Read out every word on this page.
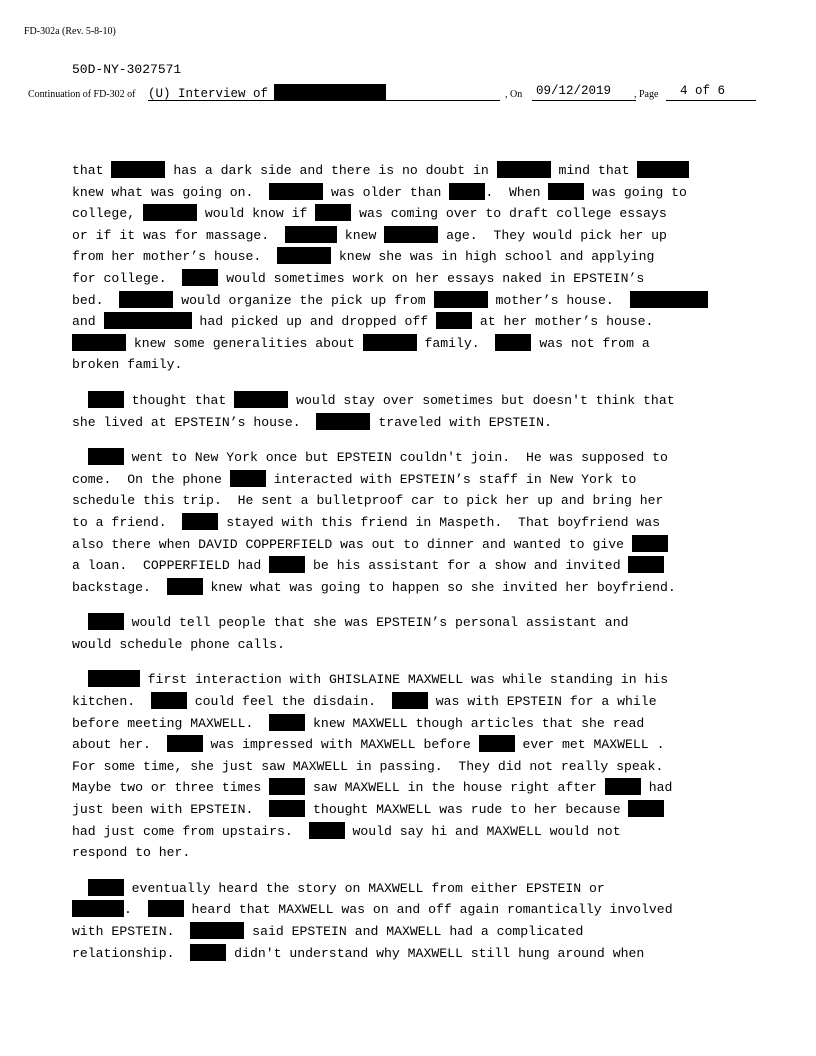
FD-302a (Rev. 5-8-10)
50D-NY-3027571
Continuation of FD-302 of (U) Interview of	, On	09/12/2019	, Page	4 of 6

that	has a dark side and there is no doubt in	mind that
knew what was going on.	was older than	.  When	was going to
college,	would know if	was coming over to draft college essays
or if it was for massage.	knew	age.  They would pick her up
from her mother’s house.	knew she was in high school and applying
for college.	would sometimes work on her essays naked in EPSTEIN’s
bed.	would organize the pick up from	mother’s house.
and	had picked up and dropped off	at her mother’s house.
knew some generalities about	family.	was not from a
broken family.

thought that	would stay over sometimes but doesn't think that
she lived at EPSTEIN’s house.	traveled with EPSTEIN.

went to New York once but EPSTEIN couldn't join.  He was supposed to
come.  On the phone	interacted with EPSTEIN’s staff in New York to
schedule this trip.  He sent a bulletproof car to pick her up and bring her
to a friend.	stayed with this friend in Maspeth.  That boyfriend was
also there when DAVID COPPERFIELD was out to dinner and wanted to give
a loan.  COPPERFIELD had	be his assistant for a show and invited
backstage.	knew what was going to happen so she invited her boyfriend.

would tell people that she was EPSTEIN’s personal assistant and
would schedule phone calls.

first interaction with GHISLAINE MAXWELL was while standing in his
kitchen.	could feel the disdain.	was with EPSTEIN for a while
before meeting MAXWELL.	knew MAXWELL though articles that she read
about her.	was impressed with MAXWELL before	ever met MAXWELL .
For some time, she just saw MAXWELL in passing.  They did not really speak.
Maybe two or three times	saw MAXWELL in the house right after	had
just been with EPSTEIN.	thought MAXWELL was rude to her because
had just come from upstairs.	would say hi and MAXWELL would not
respond to her.

eventually heard the story on MAXWELL from either EPSTEIN or
.	heard that MAXWELL was on and off again romantically involved
with EPSTEIN.	said EPSTEIN and MAXWELL had a complicated
relationship.	didn't understand why MAXWELL still hung around when
